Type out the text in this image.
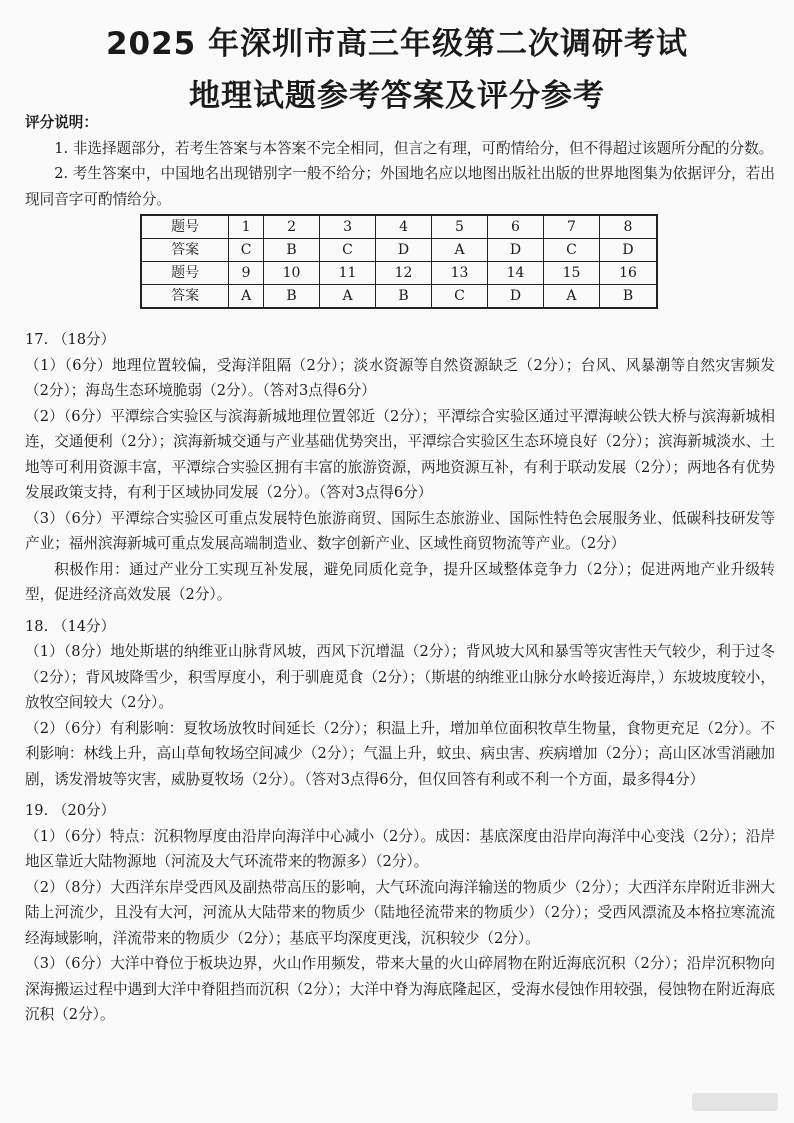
2025 年深圳市高三年级第二次调研考试
地理试题参考答案及评分参考
评分说明：

1. 非选择题部分，若考生答案与本答案不完全相同，但言之有理，可酌情给分，但不得超过该题所分配的分数。

2. 考生答案中，中国地名出现错别字一般不给分；外国地名应以地图出版社出版的世界地图集为依据评分，若出现同音字可酌情给分。

题号	1	2	3	4	5	6	7	8
答案	C	B	C	D	A	D	C	D
题号	9	10	11	12	13	14	15	16
答案	A	B	A	B	C	D	A	B
17. （18分）

（1）（6分）地理位置较偏，受海洋阻隔（2分）；淡水资源等自然资源缺乏（2分）；台风、风暴潮等自然灾害频发（2分）；海岛生态环境脆弱（2分）。（答对3点得6分）

（2）（6分）平潭综合实验区与滨海新城地理位置邻近（2分）；平潭综合实验区通过平潭海峡公铁大桥与滨海新城相连，交通便利（2分）；滨海新城交通与产业基础优势突出，平潭综合实验区生态环境良好（2分）；滨海新城淡水、土地等可利用资源丰富，平潭综合实验区拥有丰富的旅游资源，两地资源互补，有利于联动发展（2分）；两地各有优势发展政策支持，有利于区域协同发展（2分）。（答对3点得6分）

（3）（6分）平潭综合实验区可重点发展特色旅游商贸、国际生态旅游业、国际性特色会展服务业、低碳科技研发等产业；福州滨海新城可重点发展高端制造业、数字创新产业、区域性商贸物流等产业。（2分）

积极作用：通过产业分工实现互补发展，避免同质化竞争，提升区域整体竞争力（2分）；促进两地产业升级转型，促进经济高效发展（2分）。

18. （14分）

（1）（8分）地处斯堪的纳维亚山脉背风坡，西风下沉增温（2分）；背风坡大风和暴雪等灾害性天气较少，利于过冬（2分）；背风坡降雪少，积雪厚度小，利于驯鹿觅食（2分）；（斯堪的纳维亚山脉分水岭接近海岸，）东坡坡度较小，放牧空间较大（2分）。

（2）（6分）有利影响：夏牧场放牧时间延长（2分）；积温上升，增加单位面积牧草生物量，食物更充足（2分）。不利影响：林线上升，高山草甸牧场空间减少（2分）；气温上升，蚊虫、病虫害、疾病增加（2分）；高山区冰雪消融加剧，诱发滑坡等灾害，威胁夏牧场（2分）。（答对3点得6分，但仅回答有利或不利一个方面，最多得4分）

19. （20分）

（1）（6分）特点：沉积物厚度由沿岸向海洋中心减小（2分）。成因：基底深度由沿岸向海洋中心变浅（2分）；沿岸地区靠近大陆物源地（河流及大气环流带来的物源多）（2分）。

（2）（8分）大西洋东岸受西风及副热带高压的影响，大气环流向海洋输送的物质少（2分）；大西洋东岸附近非洲大陆上河流少，且没有大河，河流从大陆带来的物质少（陆地径流带来的物质少）（2分）；受西风漂流及本格拉寒流流经海域影响，洋流带来的物质少（2分）；基底平均深度更浅，沉积较少（2分）。

（3）（6分）大洋中脊位于板块边界，火山作用频发，带来大量的火山碎屑物在附近海底沉积（2分）；沿岸沉积物向深海搬运过程中遇到大洋中脊阻挡而沉积（2分）；大洋中脊为海底隆起区，受海水侵蚀作用较强，侵蚀物在附近海底沉积（2分）。
